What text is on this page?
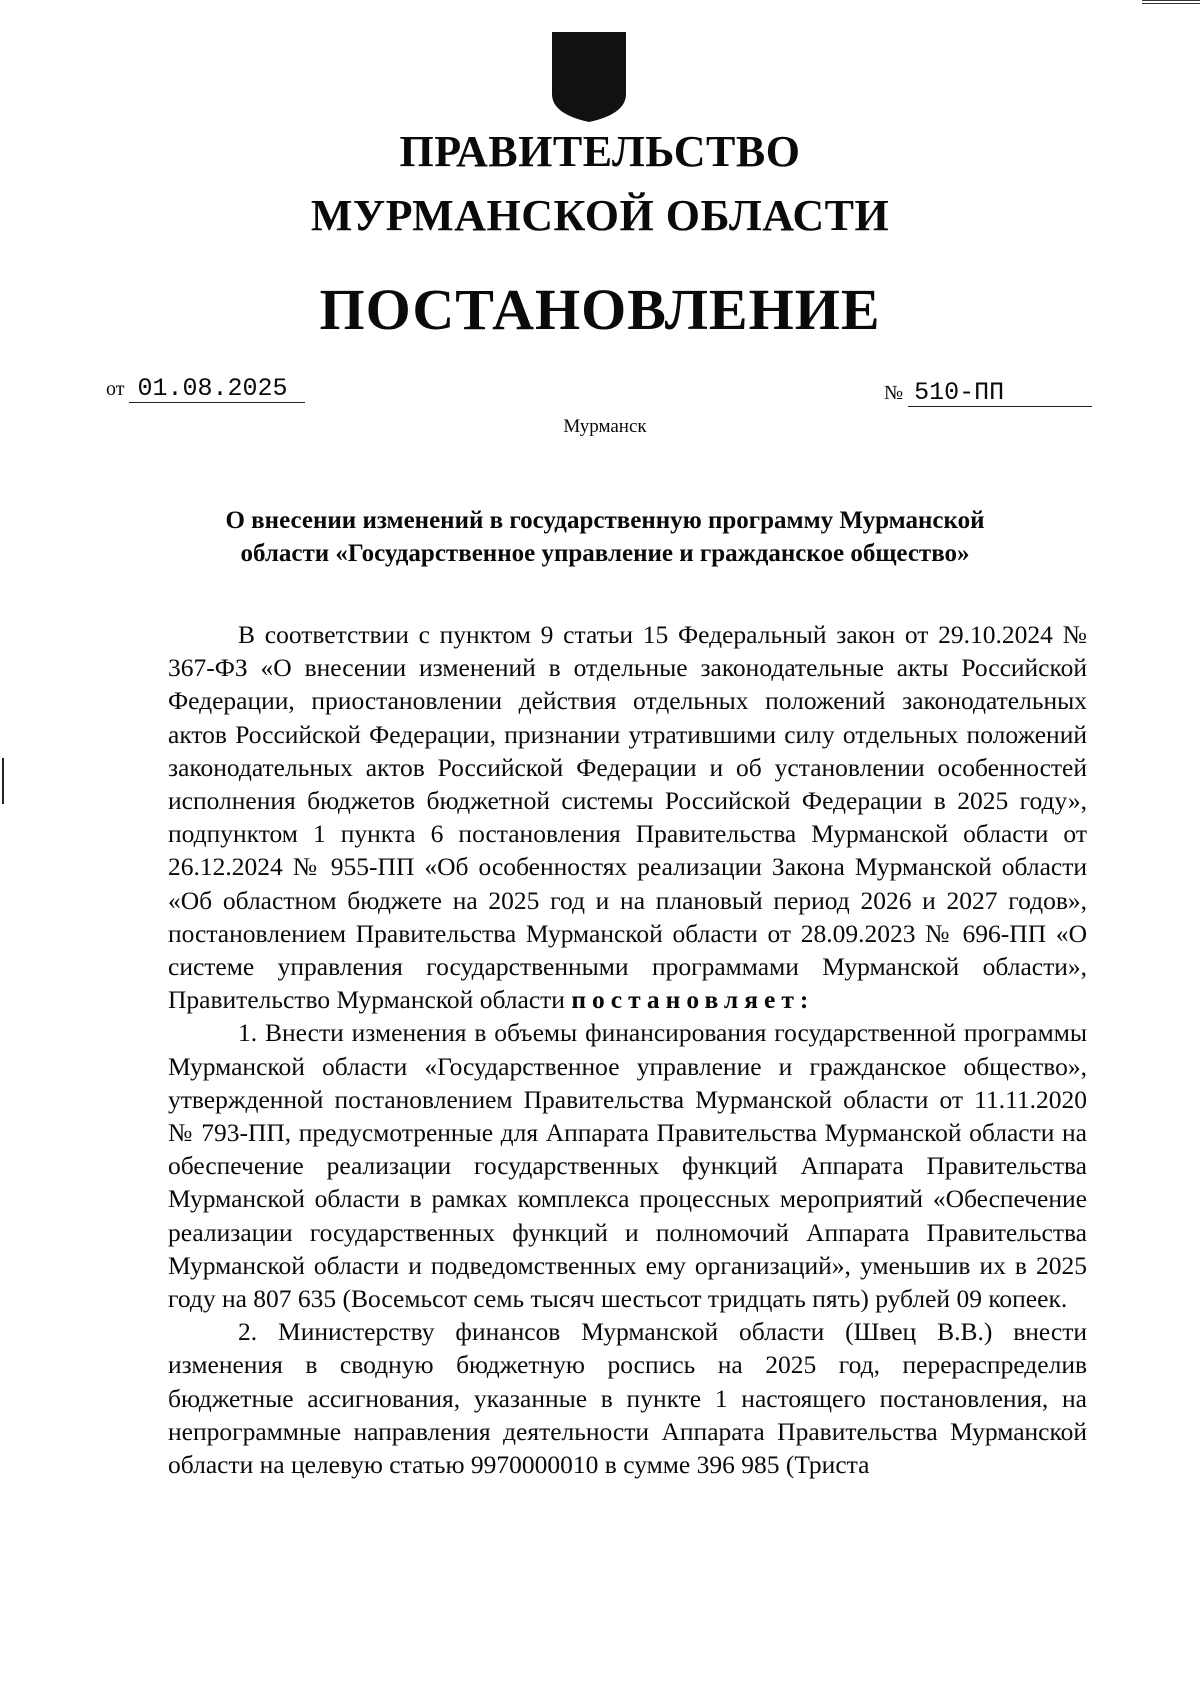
ПРАВИТЕЛЬСТВО
МУРМАНСКОЙ ОБЛАСТИ
ПОСТАНОВЛЕНИЕ
от 01.08.2025	№ 510-ПП
Мурманск
О внесении изменений в государственную программу Мурманской
области «Государственное управление и гражданское общество»

В соответствии с пунктом 9 статьи 15 Федеральный закон от 29.10.2024 № 367-ФЗ «О внесении изменений в отдельные законодательные акты Российской Федерации, приостановлении действия отдельных положений законодательных актов Российской Федерации, признании утратившими силу отдельных положений законодательных актов Российской Федерации и об установлении особенностей исполнения бюджетов бюджетной системы Российской Федерации в 2025 году», подпунктом 1 пункта 6 постановления Правительства Мурманской области от 26.12.2024 № 955-ПП «Об особенностях реализации Закона Мурманской области «Об областном бюджете на 2025 год и на плановый период 2026 и 2027 годов», постановлением Правительства Мурманской области от 28.09.2023 № 696-ПП «О системе управления государственными программами Мурманской области», Правительство Мурманской области постановляет:

1. Внести изменения в объемы финансирования государственной программы Мурманской области «Государственное управление и гражданское общество», утвержденной постановлением Правительства Мурманской области от 11.11.2020 № 793-ПП, предусмотренные для Аппарата Правительства Мурманской области на обеспечение реализации государственных функций Аппарата Правительства Мурманской области в рамках комплекса процессных мероприятий «Обеспечение реализации государственных функций и полномочий Аппарата Правительства Мурманской области и подведомственных ему организаций», уменьшив их в 2025 году на 807 635 (Восемьсот семь тысяч шестьсот тридцать пять) рублей 09 копеек.

2. Министерству финансов Мурманской области (Швец В.В.) внести изменения в сводную бюджетную роспись на 2025 год, перераспределив бюджетные ассигнования, указанные в пункте 1 настоящего постановления, на непрограммные направления деятельности Аппарата Правительства Мурманской области на целевую статью 9970000010 в сумме 396 985 (Триста
